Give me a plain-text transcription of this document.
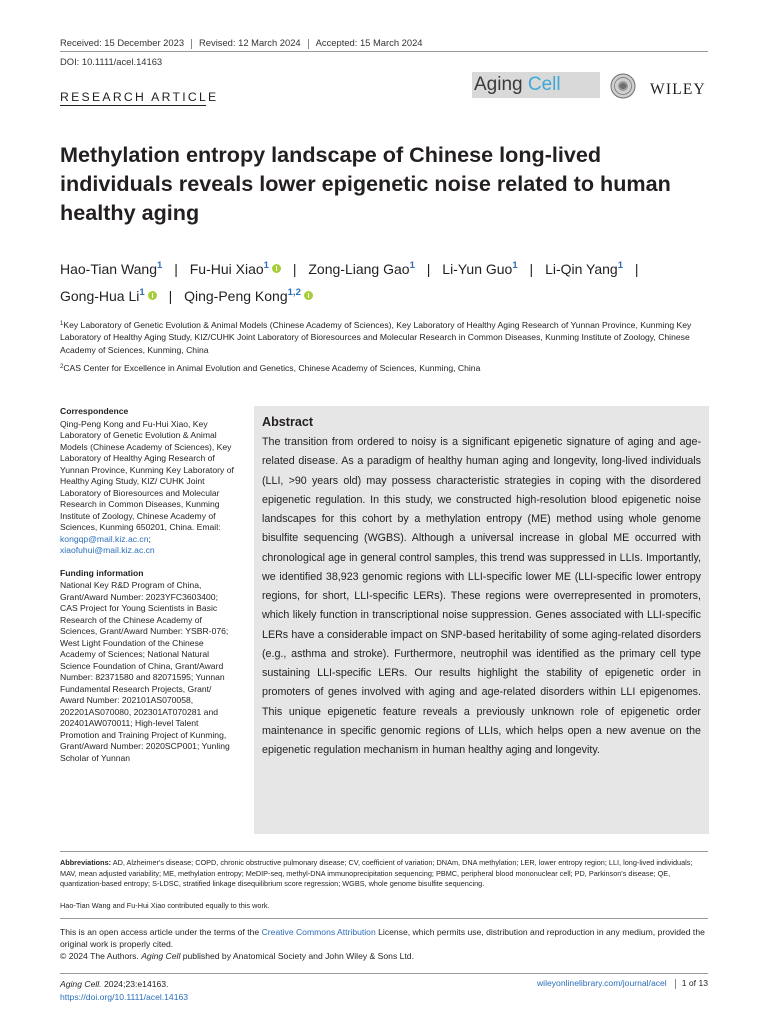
Received: 15 December 2023 Revised: 12 March 2024 Accepted: 15 March 2024
DOI: 10.1111/acel.14163
RESEARCH ARTICLE
Aging Cell	WILEY
Methylation entropy landscape of Chinese long-lived individuals reveals lower epigenetic noise related to human healthy aging
Hao-Tian Wang$^1$ | Fu-Hui Xiao$^1$ | Zong-Liang Gao$^1$ | Li-Yun Guo$^1$ | Li-Qin Yang$^1$ |
Gong-Hua Li$^1$ | Qing-Peng Kong$^{1,2}$
$^1$Key Laboratory of Genetic Evolution & Animal Models (Chinese Academy of Sciences), Key Laboratory of Healthy Aging Research of Yunnan Province, Kunming Key Laboratory of Healthy Aging Study, KIZ/CUHK Joint Laboratory of Bioresources and Molecular Research in Common Diseases, Kunming Institute of Zoology, Chinese Academy of Sciences, Kunming, China
$^2$CAS Center for Excellence in Animal Evolution and Genetics, Chinese Academy of Sciences, Kunming, China
Correspondence

Qing-Peng Kong and Fu-Hui Xiao, Key Laboratory of Genetic Evolution & Animal Models (Chinese Academy of Sciences), Key Laboratory of Healthy Aging Research of Yunnan Province, Kunming Key Laboratory of Healthy Aging Study, KIZ/ CUHK Joint Laboratory of Bioresources and Molecular Research in Common Diseases, Kunming Institute of Zoology, Chinese Academy of Sciences, Kunming 650201, China. Email: kongqp@mail.kiz.ac.cn; xiaofuhui@mail.kiz.ac.cn

Funding information

National Key R&D Program of China, Grant/Award Number: 2023YFC3603400; CAS Project for Young Scientists in Basic Research of the Chinese Academy of Sciences, Grant/Award Number: YSBR-076; West Light Foundation of the Chinese Academy of Sciences; National Natural Science Foundation of China, Grant/Award Number: 82371580 and 82071595; Yunnan Fundamental Research Projects, Grant/ Award Number: 202101AS070058, 202201AS070080, 202301AT070281 and 202401AW070011; High-level Talent Promotion and Training Project of Kunming, Grant/Award Number: 2020SCP001; Yunling Scholar of Yunnan

Abstract
The transition from ordered to noisy is a significant epigenetic signature of aging and age-related disease. As a paradigm of healthy human aging and longevity, long-lived individuals (LLI, >90 years old) may possess characteristic strategies in coping with the disordered epigenetic regulation. In this study, we constructed high-resolution blood epigenetic noise landscapes for this cohort by a methylation entropy (ME) method using whole genome bisulfite sequencing (WGBS). Although a universal increase in global ME occurred with chronological age in general control samples, this trend was suppressed in LLIs. Importantly, we identified 38,923 genomic regions with LLI-specific lower ME (LLI-specific lower entropy regions, for short, LLI-specific LERs). These regions were overrepresented in promoters, which likely function in transcriptional noise suppression. Genes associated with LLI-specific LERs have a considerable impact on SNP-based heritability of some aging-related disorders (e.g., asthma and stroke). Furthermore, neutrophil was identified as the primary cell type sustaining LLI-specific LERs. Our results highlight the stability of epigenetic order in promoters of genes involved with aging and age-related disorders within LLI epigenomes. This unique epigenetic feature reveals a previously unknown role of epigenetic order maintenance in specific genomic regions of LLIs, which helps open a new avenue on the epigenetic regulation mechanism in human healthy aging and longevity.
Abbreviations: AD, Alzheimer's disease; COPD, chronic obstructive pulmonary disease; CV, coefficient of variation; DNAm, DNA methylation; LER, lower entropy region; LLI, long-lived individuals; MAV, mean adjusted variability; ME, methylation entropy; MeDIP-seq, methyl-DNA immunoprecipitation sequencing; PBMC, peripheral blood mononuclear cell; PD, Parkinson's disease; QE, quantization-based entropy; S-LDSC, stratified linkage disequilibrium score regression; WGBS, whole genome bisulfite sequencing.
Hao-Tian Wang and Fu-Hui Xiao contributed equally to this work.
This is an open access article under the terms of the Creative Commons Attribution License, which permits use, distribution and reproduction in any medium, provided the original work is properly cited.
© 2024 The Authors. Aging Cell published by Anatomical Society and John Wiley & Sons Ltd.
Aging Cell. 2024;23:e14163.
https://doi.org/10.1111/acel.14163
wileyonlinelibrary.com/journal/acel 1 of 13
